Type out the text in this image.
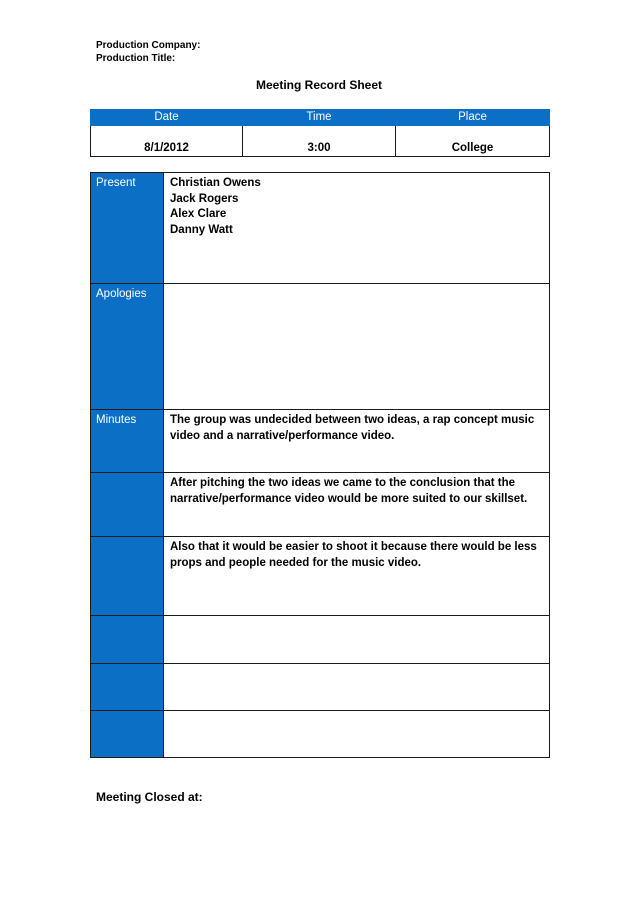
Production Company:
Production Title:
Meeting Record Sheet
Date	Time	Place
8/1/2012	3:00	College
Present	Christian Owens
Jack Rogers
Alex Clare
Danny Watt

Apologies	
Minutes	The group was undecided between two ideas, a rap concept music video and a narrative/performance video.
	After pitching the two ideas we came to the conclusion that the narrative/performance video would be more suited to our skillset.
	Also that it would be easier to shoot it because there would be less props and people needed for the music video.

Meeting Closed at:
